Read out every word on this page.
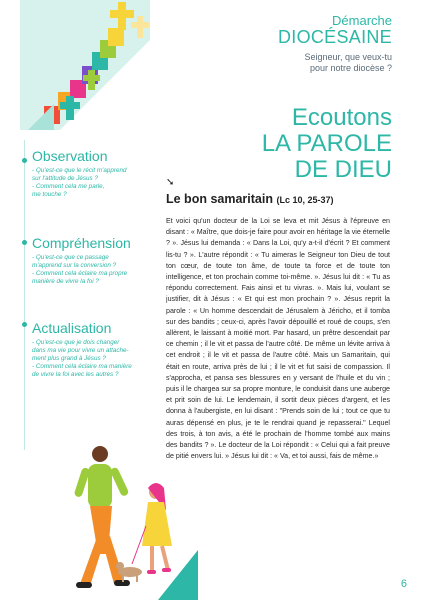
Démarche
DIOCÉSAINE
Seigneur, que veux-tu
pour notre diocèse ?
Ecoutons
LA PAROLE
DE DIEU
Observation
- Qu'est-ce que le récit m'apprend
sur l'attitude de Jésus ?
- Comment cela me parle,
me touche ?
Compréhension
- Qu'est-ce que ce passage
m'apprend sur la conversion ?
- Comment cela éclaire ma propre
manière de vivre la foi ?
Actualisation
- Qu'est-ce que je dois changer
dans ma vie pour vivre un attache-
ment plus grand à Jésus ?
- Comment cela éclaire ma manière
de vivre la foi avec les autres ?
➘
Le bon samaritain (Lc 10, 25-37)
Et voici qu'un docteur de la Loi se leva et mit Jésus à l'épreuve en disant : « Maître, que dois-je faire pour avoir en héritage la vie éternelle ? ». Jésus lui demanda : « Dans la Loi, qu'y a-t-il d'écrit ? Et comment lis-tu ? ». L'autre répondit : « Tu aimeras le Seigneur ton Dieu de tout ton cœur, de toute ton âme, de toute ta force et de toute ton intelligence, et ton prochain comme toi-même. ». Jésus lui dit : « Tu as répondu correctement. Fais ainsi et tu vivras. ». Mais lui, voulant se justifier, dit à Jésus : « Et qui est mon prochain ? ». Jésus reprit la parole : « Un homme descendait de Jérusalem à Jéricho, et il tomba sur des bandits ; ceux-ci, après l'avoir dépouillé et roué de coups, s'en allèrent, le laissant à moitié mort. Par hasard, un prêtre descendait par ce chemin ; il le vit et passa de l'autre côté. De même un lévite arriva à cet endroit ; il le vit et passa de l'autre côté. Mais un Samaritain, qui était en route, arriva près de lui ; il le vit et fut saisi de compassion. Il s'approcha, et pansa ses blessures en y versant de l'huile et du vin ; puis il le chargea sur sa propre monture, le conduisit dans une auberge et prit soin de lui. Le lendemain, il sortit deux pièces d'argent, et les donna à l'aubergiste, en lui disant : "Prends soin de lui ; tout ce que tu auras dépensé en plus, je te le rendrai quand je repasserai." Lequel des trois, à ton avis, a été le prochain de l'homme tombé aux mains des bandits ? ». Le docteur de la Loi répondit : « Celui qui a fait preuve de pitié envers lui. » Jésus lui dit : « Va, et toi aussi, fais de même.»
6
